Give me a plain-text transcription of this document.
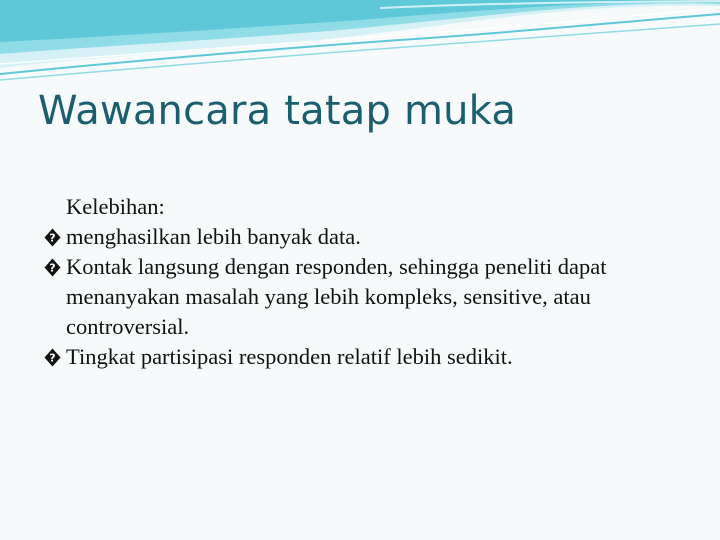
Wawancara tatap muka
Kelebihan:
? menghasilkan lebih banyak data.
? Kontak langsung dengan responden, sehingga peneliti dapat menanyakan masalah yang lebih kompleks, sensitive, atau controversial.
? Tingkat partisipasi responden relatif lebih sedikit.
